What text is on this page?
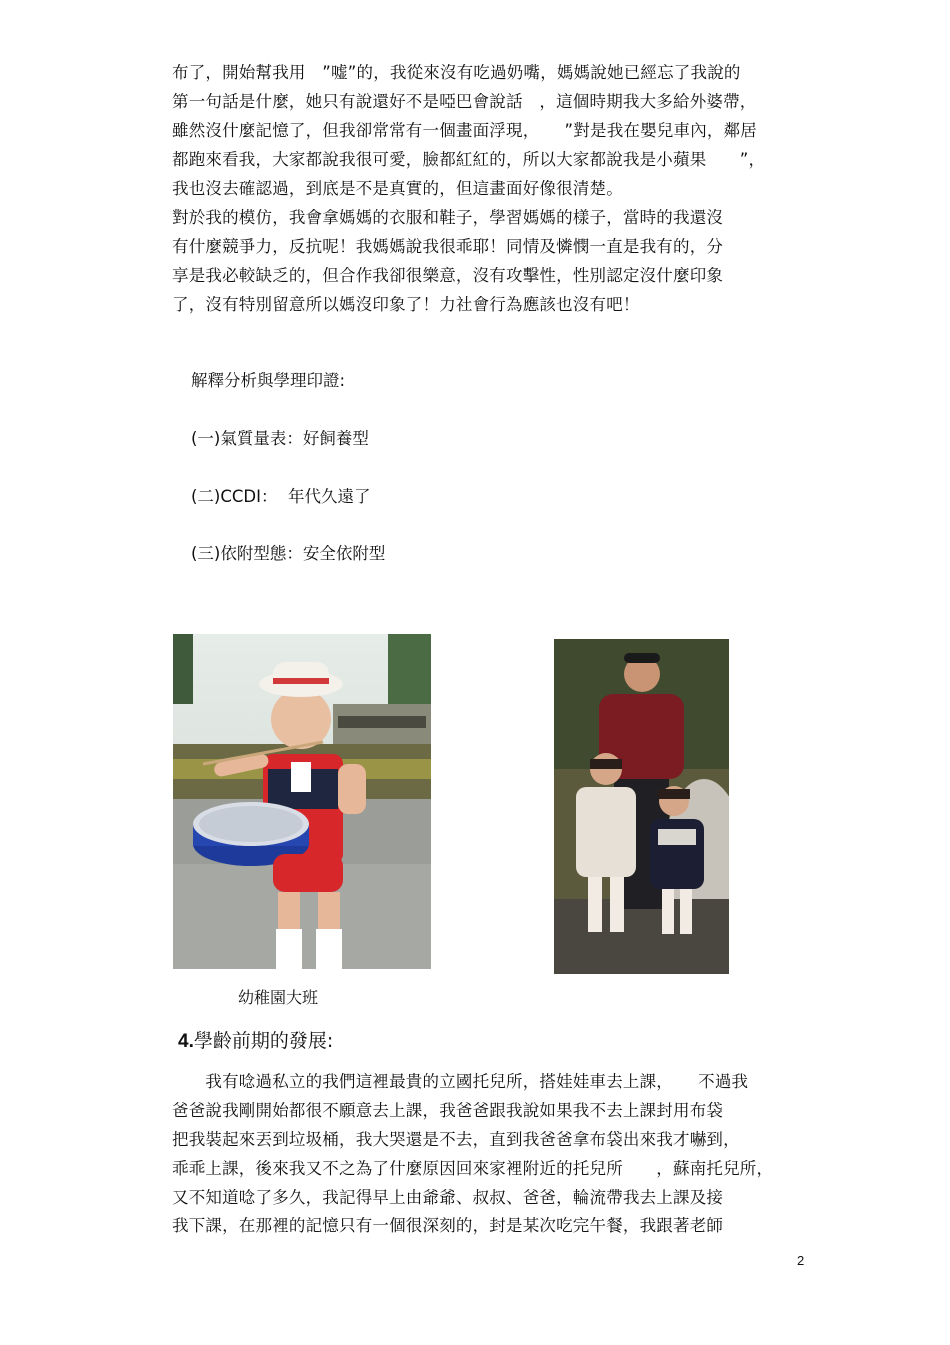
布了，開始幫我用　”嘘”的，我從來沒有吃過奶嘴，媽媽說她已經忘了我說的
第一句話是什麼，她只有說還好不是啞巴會說話　，這個時期我大多給外婆帶，
雖然沒什麼記憶了，但我卻常常有一個畫面浮現，　　”對是我在嬰兒車內，鄰居
都跑來看我，大家都說我很可愛，臉都紅紅的，所以大家都說我是小蘋果　　”，
我也沒去確認過，到底是不是真實的，但這畫面好像很清楚。
對於我的模仿，我會拿媽媽的衣服和鞋子，學習媽媽的樣子，當時的我還沒
有什麼競爭力，反抗呢！我媽媽說我很乖耶！同情及憐憫一直是我有的，分
享是我必較缺乏的，但合作我卻很樂意，沒有攻擊性，性別認定沒什麼印象
了，沒有特別留意所以媽沒印象了！力社會行為應該也沒有吧！
解釋分析與學理印證:
(一)氣質量表：好飼養型
(二)CCDI：  年代久遠了
(三)依附型態：安全依附型
幼稚園大班
4.學齡前期的發展:
　　我有唸過私立的我們這裡最貴的立國托兒所，搭娃娃車去上課，　　不過我
爸爸說我剛開始都很不願意去上課，我爸爸跟我說如果我不去上課封用布袋
把我裝起來丟到垃圾桶，我大哭還是不去，直到我爸爸拿布袋出來我才嚇到，
乖乖上課，後來我又不之為了什麼原因回來家裡附近的托兒所　　，蘇南托兒所，
又不知道唸了多久，我記得早上由爺爺、叔叔、爸爸，輪流帶我去上課及接
我下課，在那裡的記憶只有一個很深刻的，封是某次吃完午餐，我跟著老師
2
